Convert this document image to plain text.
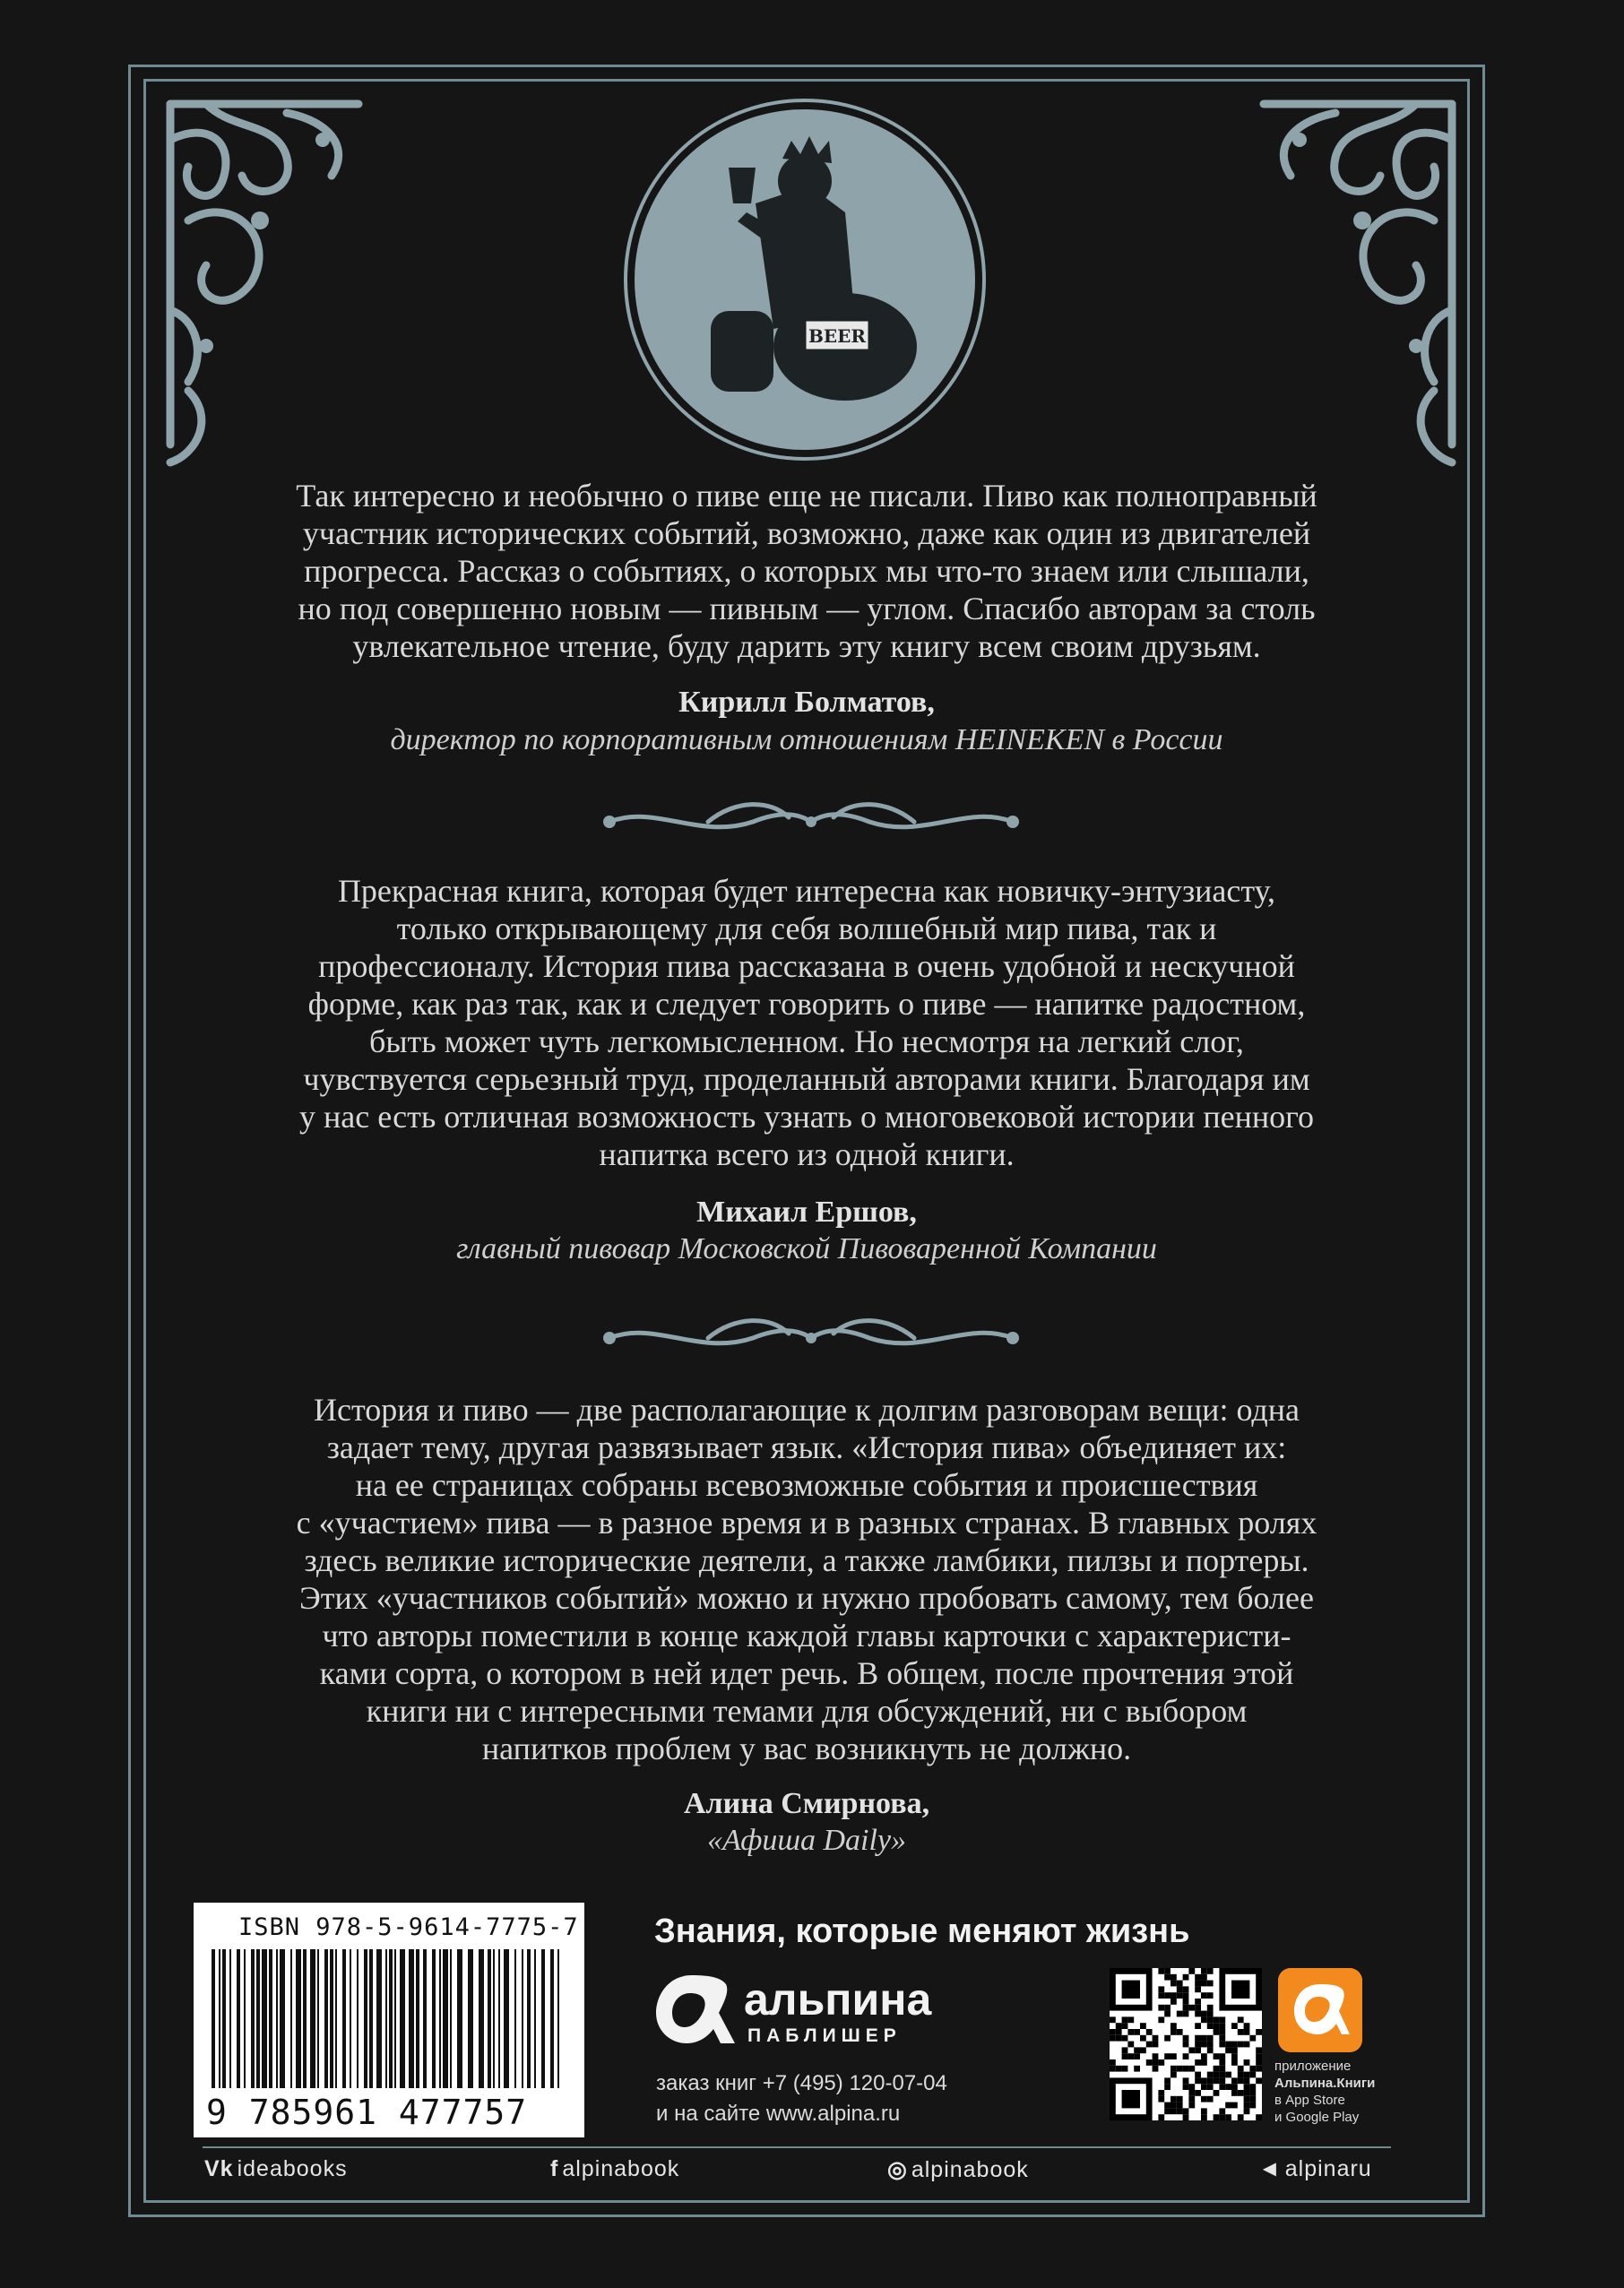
BEER
Так интересно и необычно о пиве еще не писали. Пиво как полноправный
участник исторических событий, возможно, даже как один из двигателей
прогресса. Рассказ о событиях, о которых мы что-то знаем или слышали,
но под совершенно новым — пивным — углом. Спасибо авторам за столь
увлекательное чтение, буду дарить эту книгу всем своим друзьям.
Кирилл Болматов,
директор по корпоративным отношениям HEINEKEN в России
Прекрасная книга, которая будет интересна как новичку-энтузиасту,
только открывающему для себя волшебный мир пива, так и
профессионалу. История пива рассказана в очень удобной и нескучной
форме, как раз так, как и следует говорить о пиве — напитке радостном,
быть может чуть легкомысленном. Но несмотря на легкий слог,
чувствуется серьезный труд, проделанный авторами книги. Благодаря им
у нас есть отличная возможность узнать о многовековой истории пенного
напитка всего из одной книги.
Михаил Ершов,
главный пивовар Московской Пивоваренной Компании
История и пиво — две располагающие к долгим разговорам вещи: одна
задает тему, другая развязывает язык. «История пива» объединяет их:
на ее страницах собраны всевозможные события и происшествия
с «участием» пива — в разное время и в разных странах. В главных ролях
здесь великие исторические деятели, а также ламбики, пилзы и портеры.
Этих «участников событий» можно и нужно пробовать самому, тем более
что авторы поместили в конце каждой главы карточки с характеристи-
ками сорта, о котором в ней идет речь. В общем, после прочтения этой
книги ни с интересными темами для обсуждений, ни с выбором
напитков проблем у вас возникнуть не должно.
Алина Смирнова,
«Афиша Daily»
ISBN 978-5-9614-7775-7
9 785961 477757
Знания, которые меняют жизнь
альпина
ПАБЛИШЕР
заказ книг +7 (495) 120-07-04
и на сайте www.alpina.ru
приложение
Альпина.Книги
в App Store
и Google Play
Vk ideabooks	f alpinabook	◎ alpinabook	◄ alpinaru
